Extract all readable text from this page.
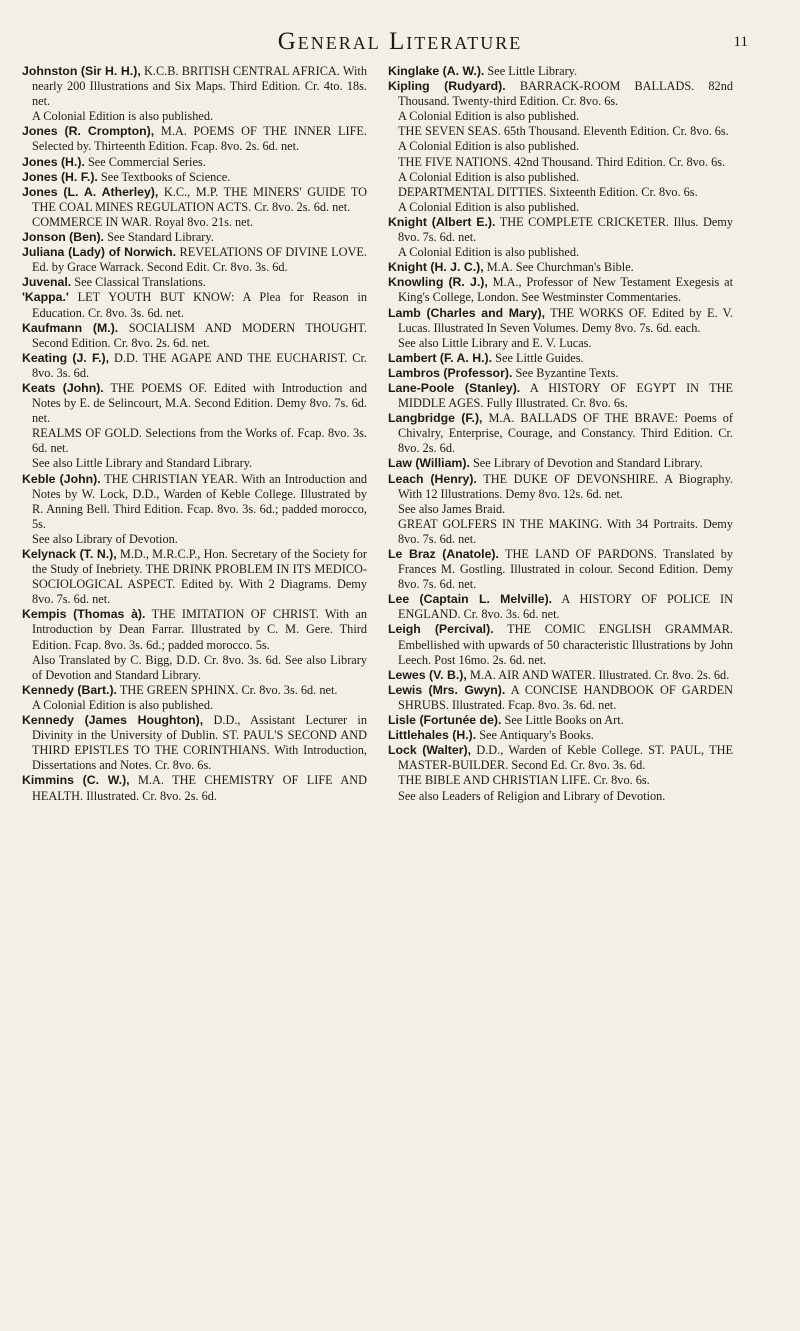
General Literature	11

Johnston (Sir H. H.), K.C.B. BRITISH CENTRAL AFRICA. With nearly 200 Illustrations and Six Maps. Third Edition. Cr. 4to. 18s. net.

A Colonial Edition is also published.

Jones (R. Crompton), M.A. POEMS OF THE INNER LIFE. Selected by. Thirteenth Edition. Fcap. 8vo. 2s. 6d. net.

Jones (H.). See Commercial Series.

Jones (H. F.). See Textbooks of Science.

Jones (L. A. Atherley), K.C., M.P. THE MINERS' GUIDE TO THE COAL MINES REGULATION ACTS. Cr. 8vo. 2s. 6d. net.

COMMERCE IN WAR. Royal 8vo. 21s. net.

Jonson (Ben). See Standard Library.

Juliana (Lady) of Norwich. REVELATIONS OF DIVINE LOVE. Ed. by Grace Warrack. Second Edit. Cr. 8vo. 3s. 6d.

Juvenal. See Classical Translations.

'Kappa.' LET YOUTH BUT KNOW: A Plea for Reason in Education. Cr. 8vo. 3s. 6d. net.

Kaufmann (M.). SOCIALISM AND MODERN THOUGHT. Second Edition. Cr. 8vo. 2s. 6d. net.

Keating (J. F.), D.D. THE AGAPE AND THE EUCHARIST. Cr. 8vo. 3s. 6d.

Keats (John). THE POEMS OF. Edited with Introduction and Notes by E. de Selincourt, M.A. Second Edition. Demy 8vo. 7s. 6d. net.

REALMS OF GOLD. Selections from the Works of. Fcap. 8vo. 3s. 6d. net.

See also Little Library and Standard Library.

Keble (John). THE CHRISTIAN YEAR. With an Introduction and Notes by W. Lock, D.D., Warden of Keble College. Illustrated by R. Anning Bell. Third Edition. Fcap. 8vo. 3s. 6d.; padded morocco, 5s.

See also Library of Devotion.

Kelynack (T. N.), M.D., M.R.C.P., Hon. Secretary of the Society for the Study of Inebriety. THE DRINK PROBLEM IN ITS MEDICO-SOCIOLOGICAL ASPECT. Edited by. With 2 Diagrams. Demy 8vo. 7s. 6d. net.

Kempis (Thomas à). THE IMITATION OF CHRIST. With an Introduction by Dean Farrar. Illustrated by C. M. Gere. Third Edition. Fcap. 8vo. 3s. 6d.; padded morocco. 5s.

Also Translated by C. Bigg, D.D. Cr. 8vo. 3s. 6d. See also Library of Devotion and Standard Library.

Kennedy (Bart.). THE GREEN SPHINX. Cr. 8vo. 3s. 6d. net.

A Colonial Edition is also published.

Kennedy (James Houghton), D.D., Assistant Lecturer in Divinity in the University of Dublin. ST. PAUL'S SECOND AND THIRD EPISTLES TO THE CORINTHIANS. With Introduction, Dissertations and Notes. Cr. 8vo. 6s.

Kimmins (C. W.), M.A. THE CHEMISTRY OF LIFE AND HEALTH. Illustrated. Cr. 8vo. 2s. 6d.

Kinglake (A. W.). See Little Library.

Kipling (Rudyard). BARRACK-ROOM BALLADS. 82nd Thousand. Twenty-third Edition. Cr. 8vo. 6s.

A Colonial Edition is also published.

THE SEVEN SEAS. 65th Thousand. Eleventh Edition. Cr. 8vo. 6s.

A Colonial Edition is also published.

THE FIVE NATIONS. 42nd Thousand. Third Edition. Cr. 8vo. 6s.

A Colonial Edition is also published.

DEPARTMENTAL DITTIES. Sixteenth Edition. Cr. 8vo. 6s.

A Colonial Edition is also published.

Knight (Albert E.). THE COMPLETE CRICKETER. Illus. Demy 8vo. 7s. 6d. net.

A Colonial Edition is also published.

Knight (H. J. C.), M.A. See Churchman's Bible.

Knowling (R. J.), M.A., Professor of New Testament Exegesis at King's College, London. See Westminster Commentaries.

Lamb (Charles and Mary), THE WORKS OF. Edited by E. V. Lucas. Illustrated In Seven Volumes. Demy 8vo. 7s. 6d. each.

See also Little Library and E. V. Lucas.

Lambert (F. A. H.). See Little Guides.

Lambros (Professor). See Byzantine Texts.

Lane-Poole (Stanley). A HISTORY OF EGYPT IN THE MIDDLE AGES. Fully Illustrated. Cr. 8vo. 6s.

Langbridge (F.), M.A. BALLADS OF THE BRAVE: Poems of Chivalry, Enterprise, Courage, and Constancy. Third Edition. Cr. 8vo. 2s. 6d.

Law (William). See Library of Devotion and Standard Library.

Leach (Henry). THE DUKE OF DEVONSHIRE. A Biography. With 12 Illustrations. Demy 8vo. 12s. 6d. net.

See also James Braid.

GREAT GOLFERS IN THE MAKING. With 34 Portraits. Demy 8vo. 7s. 6d. net.

Le Braz (Anatole). THE LAND OF PARDONS. Translated by Frances M. Gostling. Illustrated in colour. Second Edition. Demy 8vo. 7s. 6d. net.

Lee (Captain L. Melville). A HISTORY OF POLICE IN ENGLAND. Cr. 8vo. 3s. 6d. net.

Leigh (Percival). THE COMIC ENGLISH GRAMMAR. Embellished with upwards of 50 characteristic Illustrations by John Leech. Post 16mo. 2s. 6d. net.

Lewes (V. B.), M.A. AIR AND WATER. Illustrated. Cr. 8vo. 2s. 6d.

Lewis (Mrs. Gwyn). A CONCISE HANDBOOK OF GARDEN SHRUBS. Illustrated. Fcap. 8vo. 3s. 6d. net.

Lisle (Fortunée de). See Little Books on Art.

Littlehales (H.). See Antiquary's Books.

Lock (Walter), D.D., Warden of Keble College. ST. PAUL, THE MASTER-BUILDER. Second Ed. Cr. 8vo. 3s. 6d.

THE BIBLE AND CHRISTIAN LIFE. Cr. 8vo. 6s.

See also Leaders of Religion and Library of Devotion.
